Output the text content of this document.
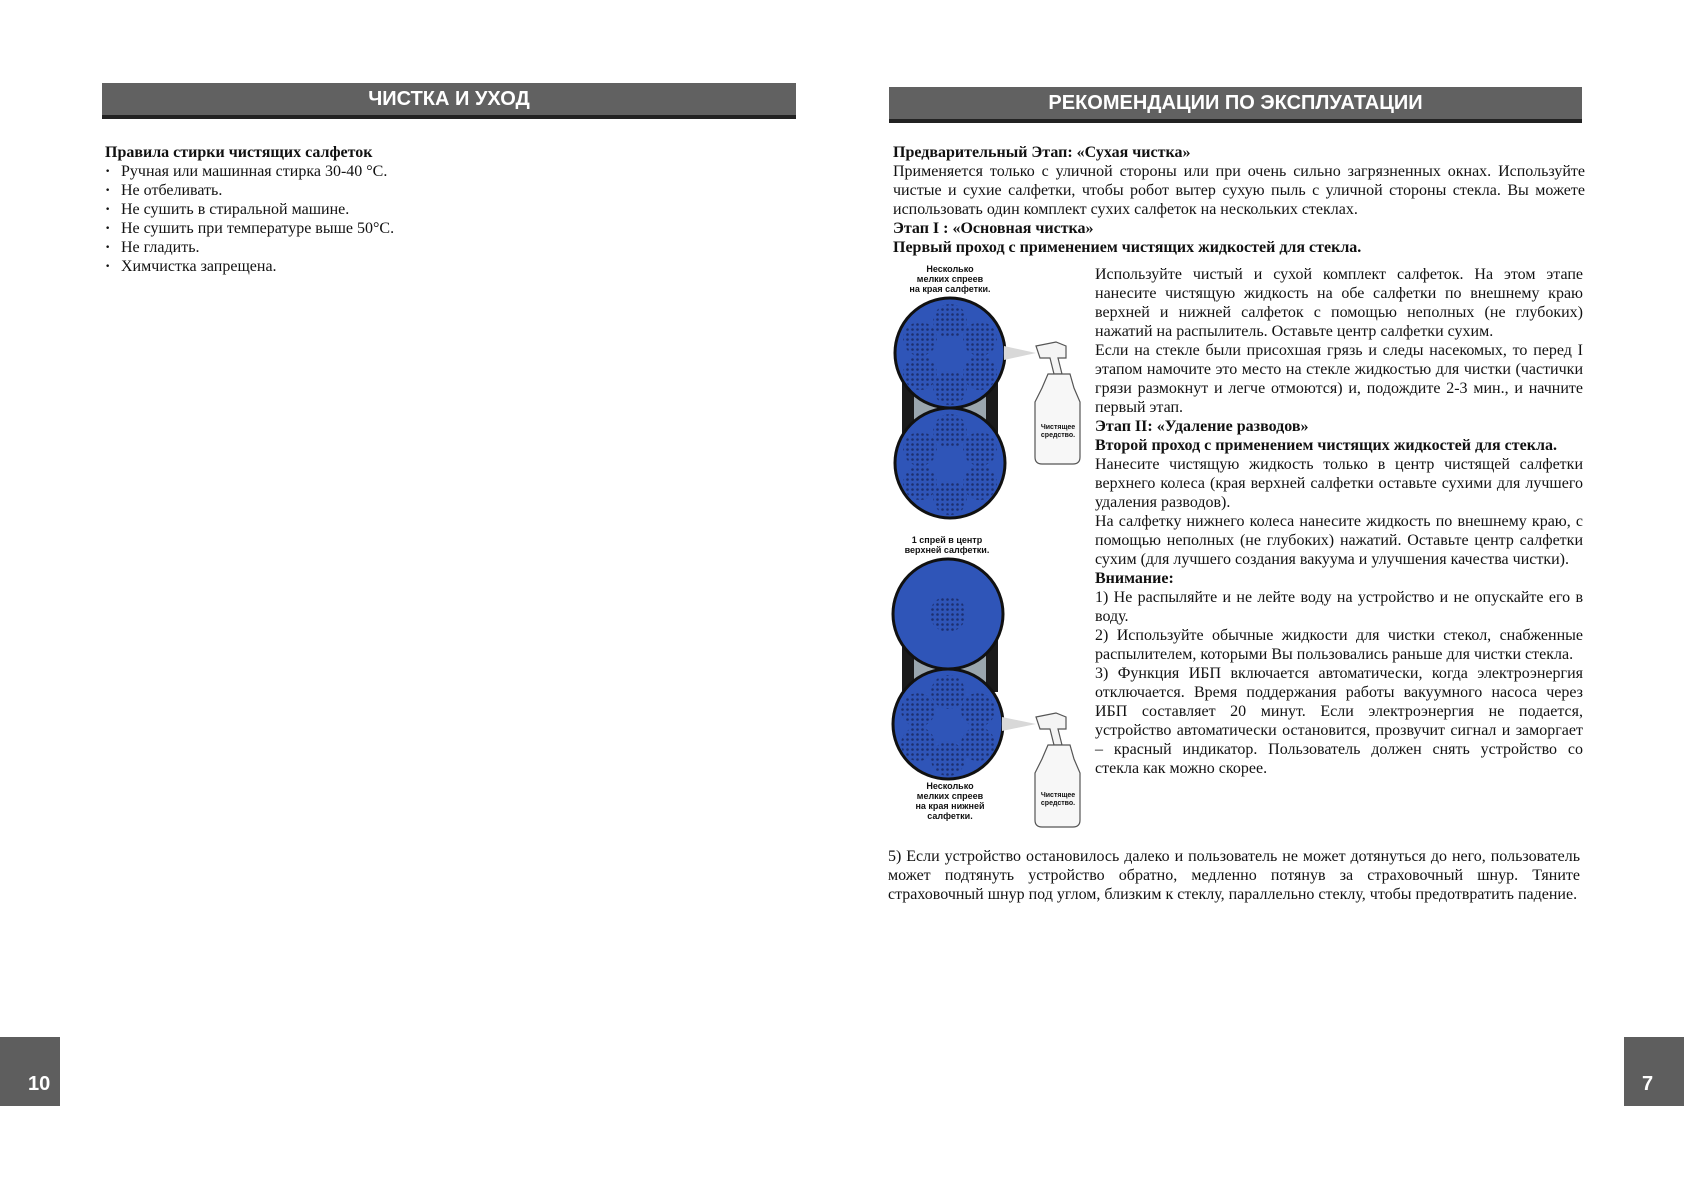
ЧИСТКА И УХОД
Правила стирки чистящих салфеток
· Ручная или машинная стирка 30-40 °С.
· Не отбеливать.
· Не сушить в стиральной машине.
· Не сушить при температуре выше 50°С.
· Не гладить.
· Химчистка запрещена.
10
РЕКОМЕНДАЦИИ ПО ЭКСПЛУАТАЦИИ
Предварительный Этап: «Сухая чистка»
Применяется только с уличной стороны или при очень сильно загрязненных окнах. Используйте чистые и сухие салфетки, чтобы робот вытер сухую пыль с уличной стороны стекла. Вы можете использовать один комплект сухих салфеток на нескольких стеклах.
Этап I : «Основная чистка»
Первый проход с применением чистящих жидкостей для стекла.
Несколько
мелких спреев
на края салфетки.
1 спрей в центр
верхней салфетки.
Несколько
мелких спреев
на края нижней
салфетки.
Чистящее
средство.
Чистящее
средство.

Используйте чистый и сухой комплект салфеток. На этом этапе нанесите чистящую жидкость на обе салфетки по внешнему краю верхней и нижней салфеток с помощью неполных (не глубоких) нажатий на распылитель. Оставьте центр салфетки сухим.

Если на стекле были присохшая грязь и следы насекомых, то перед I этапом намочите это место на стекле жидкостью для чистки (частички грязи размокнут и легче отмоются) и, подождите 2-3 мин., и начните первый этап.

Этап II: «Удаление разводов»

Второй проход с применением чистящих жидкостей для стекла.

Нанесите чистящую жидкость только в центр чистящей салфетки верхнего колеса (края верхней салфетки оставьте сухими для лучшего удаления разводов).

На салфетку нижнего колеса нанесите жидкость по внешнему краю, с помощью неполных (не глубоких) нажатий. Оставьте центр салфетки сухим (для лучшего создания вакуума и улучшения качества чистки).

Внимание:

1) Не распыляйте и не лейте воду на устройство и не опускайте его в воду.

2) Используйте обычные жидкости для чистки стекол, снабженные распылителем, которыми Вы пользовались раньше для чистки стекла.

3) Функция ИБП включается автоматически, когда электроэнергия отключается. Время поддержания работы вакуумного насоса через ИБП составляет 20 минут. Если электроэнергия не подается, устройство автоматически остановится, прозвучит сигнал и заморгает – красный индикатор. Пользователь должен снять устройство со стекла как можно скорее.

5) Если устройство остановилось далеко и пользователь не может дотянуться до него, пользователь может подтянуть устройство обратно, медленно потянув за страховочный шнур. Тяните страховочный шнур под углом, близким к стеклу, параллельно стеклу, чтобы предотвратить падение.
7
